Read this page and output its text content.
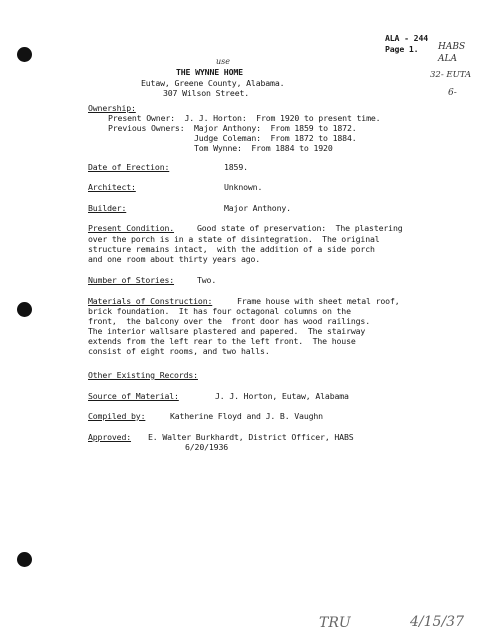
ALA - 244
Page 1. HABS
ALA
32- EUTA
6-
use
THE WYNNE HOME
Eutaw, Greene County, Alabama.
307 Wilson Street.
Ownership:
Present Owner:  J. J. Horton:  From 1920 to present time.
Previous Owners:  Major Anthony:  From 1859 to 1872.
Judge Coleman:  From 1872 to 1884.
Tom Wynne:  From 1884 to 1920
Date of Erection:	1859.
Architect:	Unknown.
Builder:	Major Anthony.
Present Condition.	Good state of preservation:  The plastering
over the porch is in a state of disintegration.  The original
structure remains intact,  with the addition of a side porch
and one room about thirty years ago.
Number of Stories:	Two.
Materials of Construction:	Frame house with sheet metal roof,
brick foundation.  It has four octagonal columns on the
front,  the balcony over the  front door has wood railings.
The interior wallsare plastered and papered.  The stairway
extends from the left rear to the left front.  The house
consist of eight rooms, and two halls.
Other Existing Records:
Source of Material:	J. J. Horton, Eutaw, Alabama
Compiled by:	Katherine Floyd and J. B. Vaughn
Approved: E. Walter Burkhardt, District Officer, HABS
6/20/1936
TRU	4/15/37
